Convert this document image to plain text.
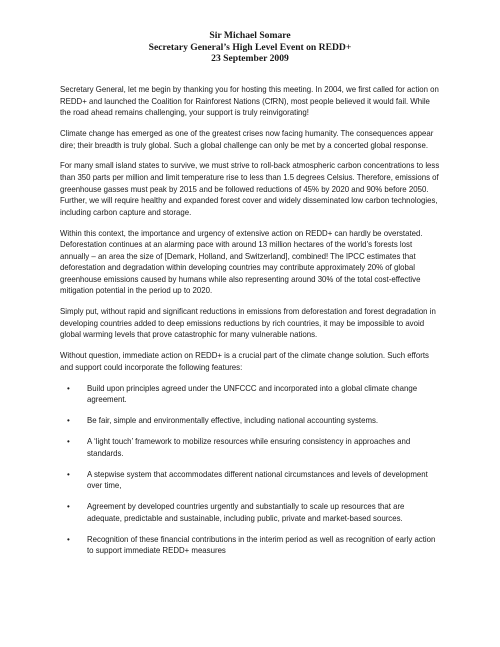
Sir Michael Somare
Secretary General’s High Level Event on REDD+
23 September 2009

Secretary General, let me begin by thanking you for hosting this meeting. In 2004, we first called for action on REDD+ and launched the Coalition for Rainforest Nations (CfRN), most people believed it would fail. While the road ahead remains challenging, your support is truly reinvigorating!

Climate change has emerged as one of the greatest crises now facing humanity. The consequences appear dire; their breadth is truly global. Such a global challenge can only be met by a concerted global response.

For many small island states to survive, we must strive to roll-back atmospheric carbon concentrations to less than 350 parts per million and limit temperature rise to less than 1.5 degrees Celsius. Therefore, emissions of greenhouse gasses must peak by 2015 and be followed reductions of 45% by 2020 and 90% before 2050. Further, we will require healthy and expanded forest cover and widely disseminated low carbon technologies, including carbon capture and storage.

Within this context, the importance and urgency of extensive action on REDD+ can hardly be overstated. Deforestation continues at an alarming pace with around 13 million hectares of the world’s forests lost annually – an area the size of [Demark, Holland, and Switzerland], combined! The IPCC estimates that deforestation and degradation within developing countries may contribute approximately 20% of global greenhouse emissions caused by humans while also representing around 30% of the total cost-effective mitigation potential in the period up to 2020.

Simply put, without rapid and significant reductions in emissions from deforestation and forest degradation in developing countries added to deep emissions reductions by rich countries, it may be impossible to avoid global warming levels that prove catastrophic for many vulnerable nations.

Without question, immediate action on REDD+ is a crucial part of the climate change solution. Such efforts and support could incorporate the following features:

• Build upon principles agreed under the UNFCCC and incorporated into a global climate change agreement.
• Be fair, simple and environmentally effective, including national accounting systems.
• A ‘light touch’ framework to mobilize resources while ensuring consistency in approaches and standards.
• A stepwise system that accommodates different national circumstances and levels of development over time,
• Agreement by developed countries urgently and substantially to scale up resources that are adequate, predictable and sustainable, including public, private and market-based sources.
• Recognition of these financial contributions in the interim period as well as recognition of early action to support immediate REDD+ measures
